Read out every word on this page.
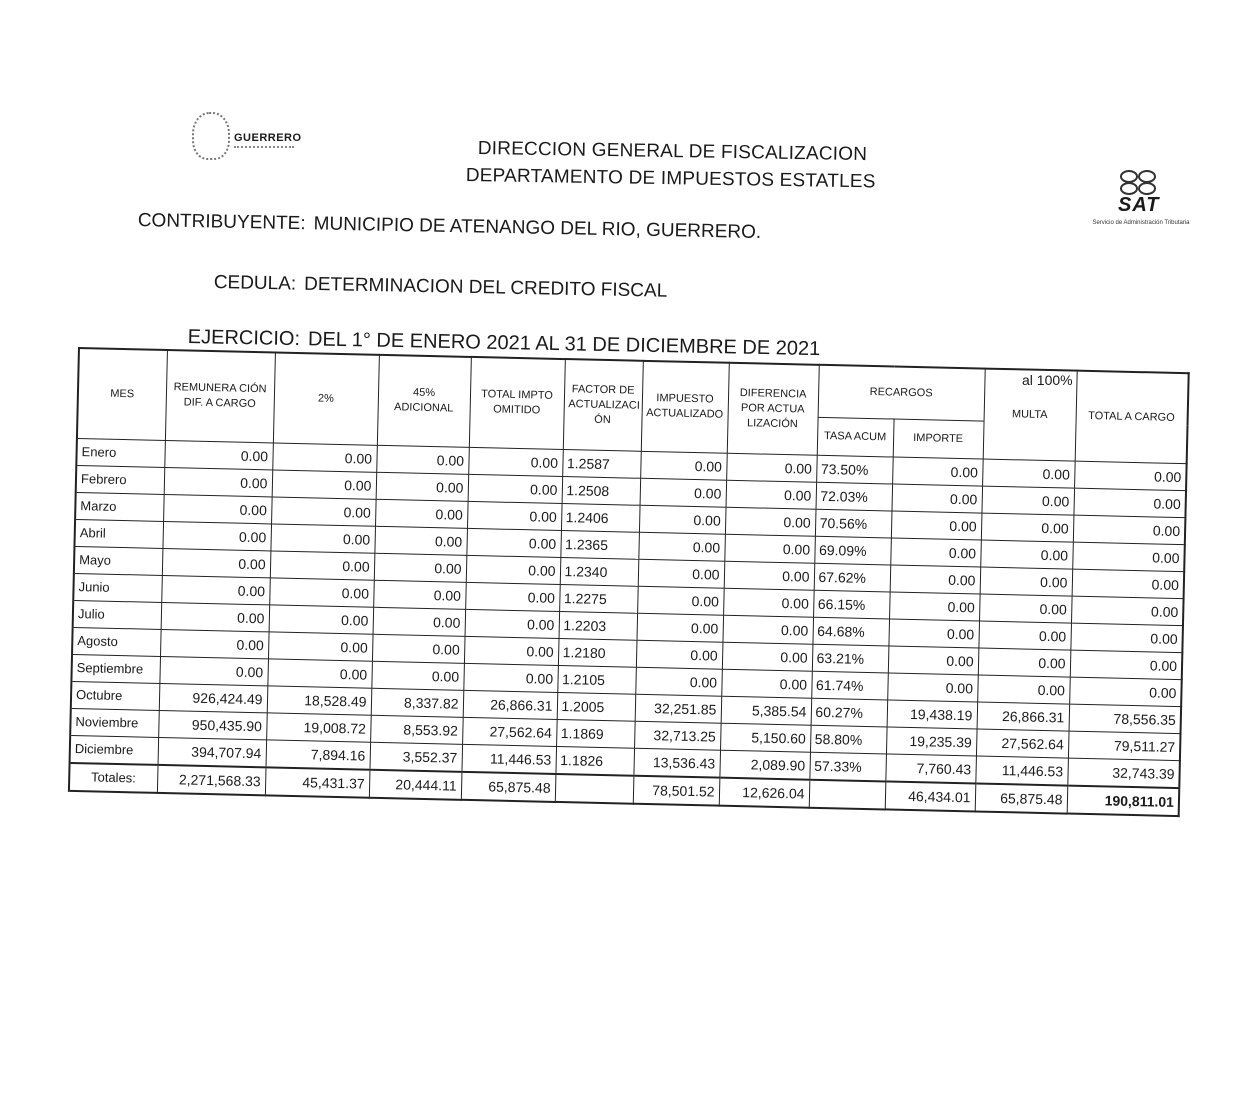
GUERRERO	DIRECCION GENERAL DE FISCALIZACION
DEPARTAMENTO DE IMPUESTOS ESTATLES
SAT
Servicio de Administración Tributaria
CONTRIBUYENTE: MUNICIPIO DE ATENANGO DEL RIO, GUERRERO.
CEDULA: DETERMINACION DEL CREDITO FISCAL
EJERCICIO: DEL 1° DE ENERO 2021 AL 31 DE DICIEMBRE DE 2021
al 100%
MES	REMUNERA CIÓN DIF. A CARGO	2%	45% ADICIONAL	TOTAL IMPTO OMITIDO	FACTOR DE ACTUALIZACI ÓN	IMPUESTO ACTUALIZADO	DIFERENCIA POR ACTUA LIZACIÓN	RECARGOS		MULTA	TOTAL A CARGO
								TASA ACUM	IMPORTE		
Enero	0.00	0.00	0.00	0.00	1.2587	0.00	0.00	73.50%	0.00	0.00	0.00
Febrero	0.00	0.00	0.00	0.00	1.2508	0.00	0.00	72.03%	0.00	0.00	0.00
Marzo	0.00	0.00	0.00	0.00	1.2406	0.00	0.00	70.56%	0.00	0.00	0.00
Abril	0.00	0.00	0.00	0.00	1.2365	0.00	0.00	69.09%	0.00	0.00	0.00
Mayo	0.00	0.00	0.00	0.00	1.2340	0.00	0.00	67.62%	0.00	0.00	0.00
Junio	0.00	0.00	0.00	0.00	1.2275	0.00	0.00	66.15%	0.00	0.00	0.00
Julio	0.00	0.00	0.00	0.00	1.2203	0.00	0.00	64.68%	0.00	0.00	0.00
Agosto	0.00	0.00	0.00	0.00	1.2180	0.00	0.00	63.21%	0.00	0.00	0.00
Septiembre	0.00	0.00	0.00	0.00	1.2105	0.00	0.00	61.74%	0.00	0.00	0.00
Octubre	926,424.49	18,528.49	8,337.82	26,866.31	1.2005	32,251.85	5,385.54	60.27%	19,438.19	26,866.31	78,556.35
Noviembre	950,435.90	19,008.72	8,553.92	27,562.64	1.1869	32,713.25	5,150.60	58.80%	19,235.39	27,562.64	79,511.27
Diciembre	394,707.94	7,894.16	3,552.37	11,446.53	1.1826	13,536.43	2,089.90	57.33%	7,760.43	11,446.53	32,743.39
Totales:	2,271,568.33	45,431.37	20,444.11	65,875.48		78,501.52	12,626.04		46,434.01	65,875.48	190,811.01
